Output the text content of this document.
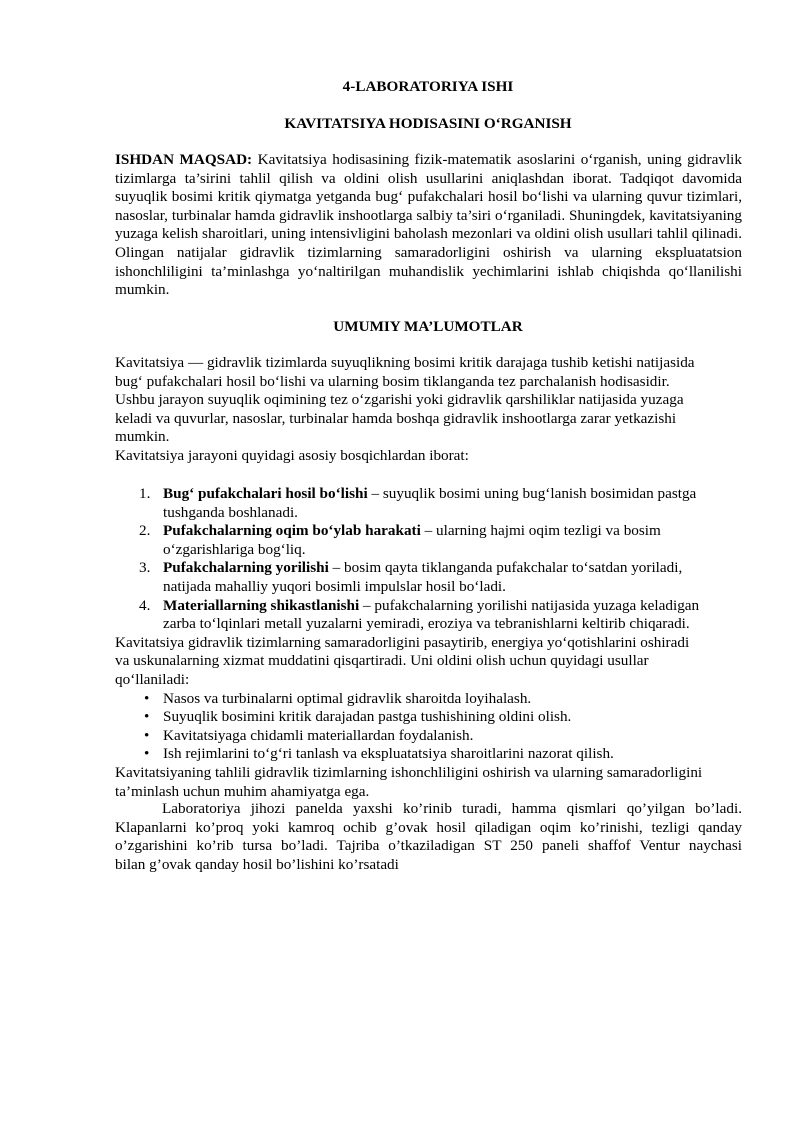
4-LABORATORIYA ISHI
KAVITATSIYA HODISASINI O‘RGANISH
ISHDAN MAQSAD: Kavitatsiya hodisasining fizik-matematik asoslarini o‘rganish, uning gidravlik tizimlarga ta’sirini tahlil qilish va oldini olish usullarini aniqlashdan iborat. Tadqiqot davomida suyuqlik bosimi kritik qiymatga yetganda bug‘ pufakchalari hosil bo‘lishi va ularning quvur tizimlari, nasoslar, turbinalar hamda gidravlik inshootlarga salbiy ta’siri o‘rganiladi. Shuningdek, kavitatsiyaning yuzaga kelish sharoitlari, uning intensivligini baholash mezonlari va oldini olish usullari tahlil qilinadi. Olingan natijalar gidravlik tizimlarning samaradorligini oshirish va ularning ekspluatatsion ishonchliligini ta’minlashga yo‘naltirilgan muhandislik yechimlarini ishlab chiqishda qo‘llanilishi mumkin.
UMUMIY MA’LUMOTLAR
Kavitatsiya — gidravlik tizimlarda suyuqlikning bosimi kritik darajaga tushib ketishi natijasida
bug‘ pufakchalari hosil bo‘lishi va ularning bosim tiklanganda tez parchalanish hodisasidir.
Ushbu jarayon suyuqlik oqimining tez o‘zgarishi yoki gidravlik qarshiliklar natijasida yuzaga
keladi va quvurlar, nasoslar, turbinalar hamda boshqa gidravlik inshootlarga zarar yetkazishi
mumkin.
Kavitatsiya jarayoni quyidagi asosiy bosqichlardan iborat:
1. Bug‘ pufakchalari hosil bo‘lishi – suyuqlik bosimi uning bug‘lanish bosimidan pastga
tushganda boshlanadi.
2. Pufakchalarning oqim bo‘ylab harakati – ularning hajmi oqim tezligi va bosim
o‘zgarishlariga bog‘liq.
3. Pufakchalarning yorilishi – bosim qayta tiklanganda pufakchalar to‘satdan yoriladi,
natijada mahalliy yuqori bosimli impulslar hosil bo‘ladi.
4. Materiallarning shikastlanishi – pufakchalarning yorilishi natijasida yuzaga keladigan
zarba to‘lqinlari metall yuzalarni yemiradi, eroziya va tebranishlarni keltirib chiqaradi.
Kavitatsiya gidravlik tizimlarning samaradorligini pasaytirib, energiya yo‘qotishlarini oshiradi
va uskunalarning xizmat muddatini qisqartiradi. Uni oldini olish uchun quyidagi usullar
qo‘llaniladi:
• Nasos va turbinalarni optimal gidravlik sharoitda loyihalash.
• Suyuqlik bosimini kritik darajadan pastga tushishining oldini olish.
• Kavitatsiyaga chidamli materiallardan foydalanish.
• Ish rejimlarini to‘g‘ri tanlash va ekspluatatsiya sharoitlarini nazorat qilish.
Kavitatsiyaning tahlili gidravlik tizimlarning ishonchliligini oshirish va ularning samaradorligini
ta’minlash uchun muhim ahamiyatga ega.
Laboratoriya jihozi panelda yaxshi ko’rinib turadi, hamma qismlari qo’yilgan bo’ladi.
Klapanlarni ko’proq yoki kamroq ochib g’ovak hosil qiladigan oqim ko’rinishi, tezligi qanday
o’zgarishini ko’rib tursa bo’ladi. Tajriba o’tkaziladigan ST 250 paneli shaffof Ventur naychasi
bilan g’ovak qanday hosil bo’lishini ko’rsatadi
